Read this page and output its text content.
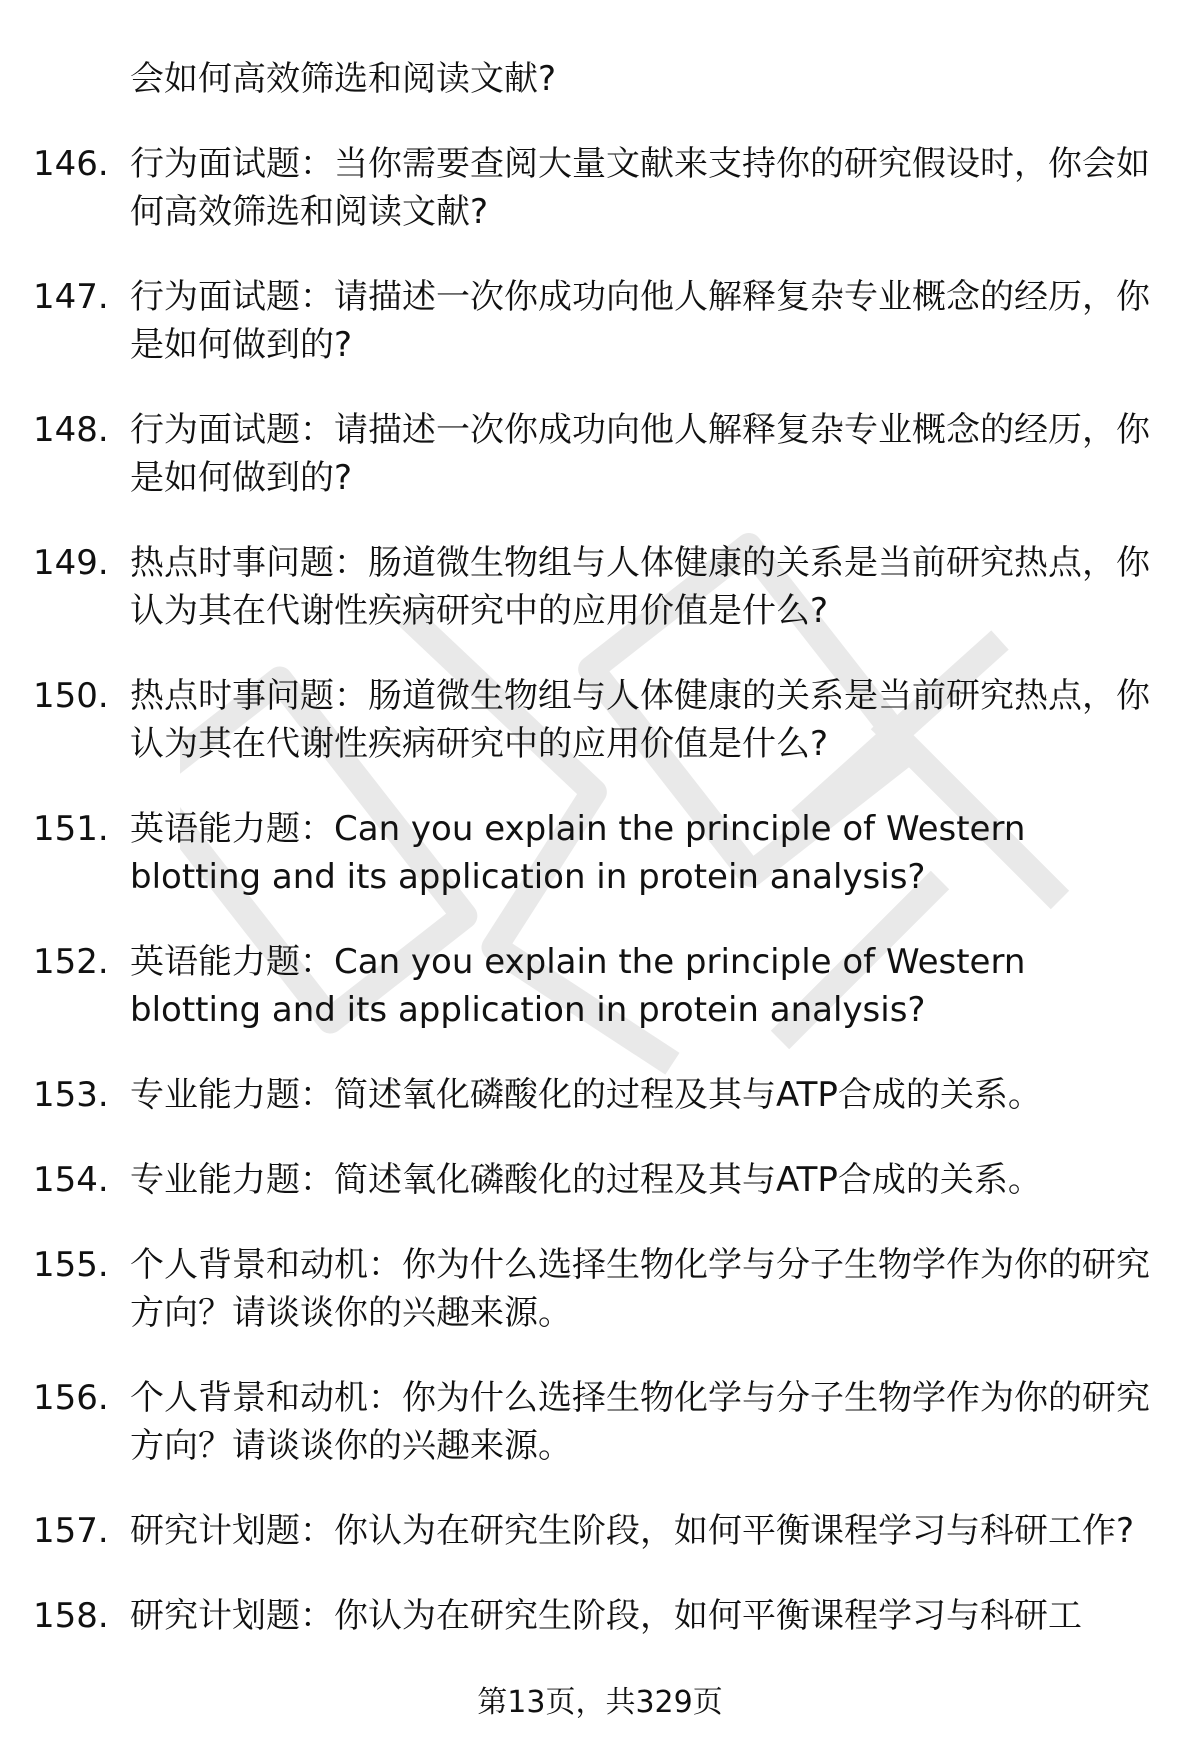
会如何高效筛选和阅读文献?
146. 行为面试题：当你需要查阅大量文献来支持你的研究假设时，你会如何高效筛选和阅读文献?
147. 行为面试题：请描述一次你成功向他人解释复杂专业概念的经历，你是如何做到的?
148. 行为面试题：请描述一次你成功向他人解释复杂专业概念的经历，你是如何做到的?
149. 热点时事问题：肠道微生物组与人体健康的关系是当前研究热点，你认为其在代谢性疾病研究中的应用价值是什么?
150. 热点时事问题：肠道微生物组与人体健康的关系是当前研究热点，你认为其在代谢性疾病研究中的应用价值是什么?
151. 英语能力题：Can you explain the principle of Western blotting and its application in protein analysis?
152. 英语能力题：Can you explain the principle of Western blotting and its application in protein analysis?
153. 专业能力题：简述氧化磷酸化的过程及其与ATP合成的关系。
154. 专业能力题：简述氧化磷酸化的过程及其与ATP合成的关系。
155. 个人背景和动机：你为什么选择生物化学与分子生物学作为你的研究方向？请谈谈你的兴趣来源。
156. 个人背景和动机：你为什么选择生物化学与分子生物学作为你的研究方向？请谈谈你的兴趣来源。
157. 研究计划题：你认为在研究生阶段，如何平衡课程学习与科研工作?
158. 研究计划题：你认为在研究生阶段，如何平衡课程学习与科研工
第13页，共329页
